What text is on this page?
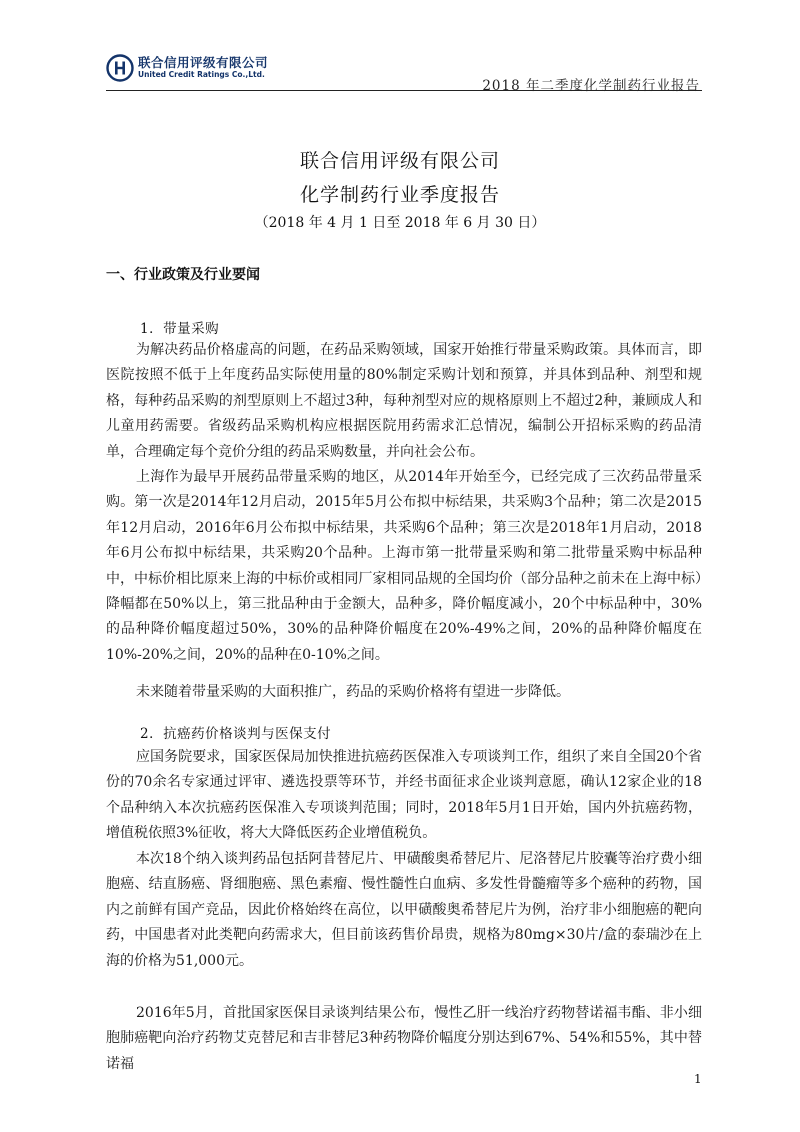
联合信用评级有限公司
United Credit Ratings Co.,Ltd.
2018 年二季度化学制药行业报告
联合信用评级有限公司
化学制药行业季度报告
（2018 年 4 月 1 日至 2018 年 6 月 30 日）
一、行业政策及行业要闻
1．带量采购

为解决药品价格虚高的问题，在药品采购领域，国家开始推行带量采购政策。具体而言，即医院按照不低于上年度药品实际使用量的80%制定采购计划和预算，并具体到品种、剂型和规格，每种药品采购的剂型原则上不超过3种，每种剂型对应的规格原则上不超过2种，兼顾成人和儿童用药需要。省级药品采购机构应根据医院用药需求汇总情况，编制公开招标采购的药品清单，合理确定每个竞价分组的药品采购数量，并向社会公布。

上海作为最早开展药品带量采购的地区，从2014年开始至今，已经完成了三次药品带量采购。第一次是2014年12月启动，2015年5月公布拟中标结果，共采购3个品种；第二次是2015年12月启动，2016年6月公布拟中标结果，共采购6个品种；第三次是2018年1月启动，2018年6月公布拟中标结果，共采购20个品种。上海市第一批带量采购和第二批带量采购中标品种中，中标价相比原来上海的中标价或相同厂家相同品规的全国均价（部分品种之前未在上海中标）降幅都在50%以上，第三批品种由于金额大，品种多，降价幅度减小，20个中标品种中，30%的品种降价幅度超过50%，30%的品种降价幅度在20%-49%之间，20%的品种降价幅度在10%-20%之间，20%的品种在0-10%之间。

未来随着带量采购的大面积推广，药品的采购价格将有望进一步降低。

2．抗癌药价格谈判与医保支付

应国务院要求，国家医保局加快推进抗癌药医保准入专项谈判工作，组织了来自全国20个省份的70余名专家通过评审、遴选投票等环节，并经书面征求企业谈判意愿，确认12家企业的18个品种纳入本次抗癌药医保准入专项谈判范围；同时，2018年5月1日开始，国内外抗癌药物，增值税依照3%征收，将大大降低医药企业增值税负。

本次18个纳入谈判药品包括阿昔替尼片、甲磺酸奥希替尼片、尼洛替尼片胶囊等治疗费小细胞癌、结直肠癌、肾细胞癌、黑色素瘤、慢性髓性白血病、多发性骨髓瘤等多个癌种的药物，国内之前鲜有国产竞品，因此价格始终在高位，以甲磺酸奥希替尼片为例，治疗非小细胞癌的靶向药，中国患者对此类靶向药需求大，但目前该药售价昂贵，规格为80mg×30片/盒的泰瑞沙在上海的价格为51,000元。

2016年5月，首批国家医保目录谈判结果公布，慢性乙肝一线治疗药物替诺福韦酯、非小细胞肺癌靶向治疗药物艾克替尼和吉非替尼3种药物降价幅度分别达到67%、54%和55%，其中替诺福

1
